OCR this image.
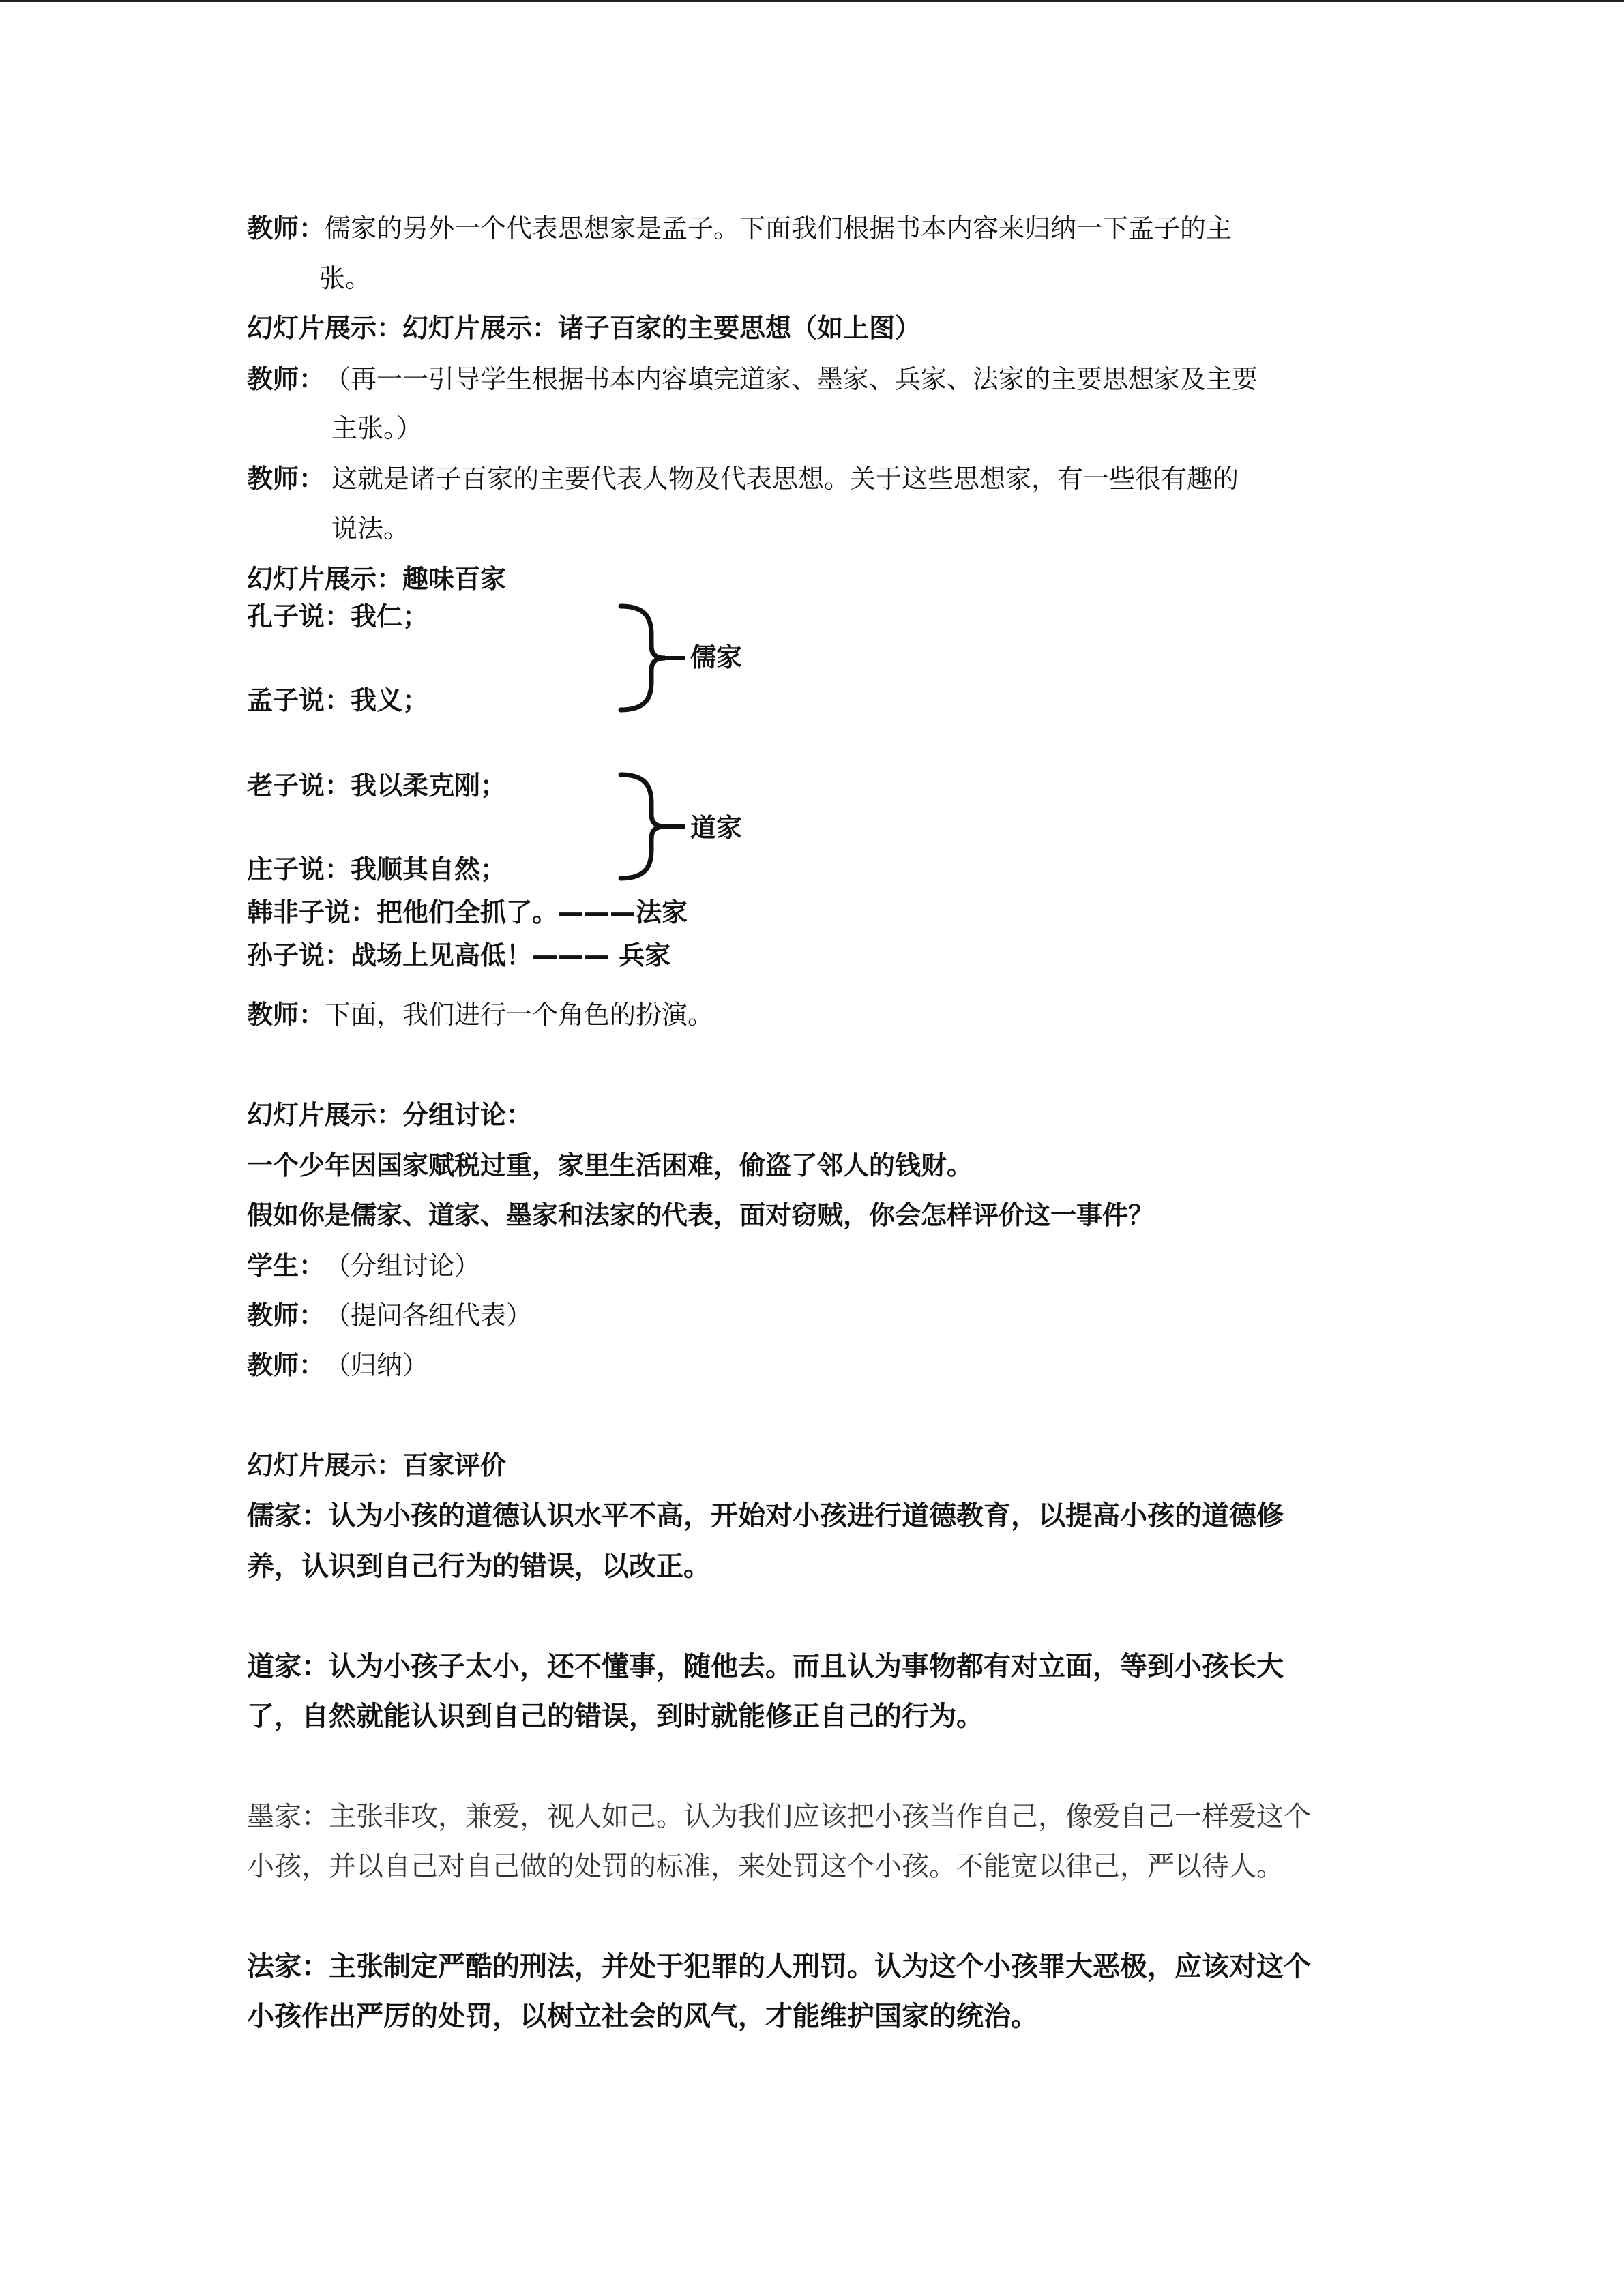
教师： 儒家的另外一个代表思想家是孟子。下面我们根据书本内容来归纳一下孟子的主
张。
幻灯片展示：幻灯片展示：诸子百家的主要思想（如上图）
教师： （再一一引导学生根据书本内容填完道家、墨家、兵家、法家的主要思想家及主要
主张。）
教师： 这就是诸子百家的主要代表人物及代表思想。关于这些思想家，有一些很有趣的
说法。
幻灯片展示：趣味百家
孔子说：我仁；
孟子说：我义；
儒家
老子说：我以柔克刚；
庄子说：我顺其自然；
道家
韩非子说：把他们全抓了。———法家
孙子说：战场上见高低！——— 兵家
教师： 下面，我们进行一个角色的扮演。
幻灯片展示：分组讨论：
一个少年因国家赋税过重，家里生活困难，偷盗了邻人的钱财。
假如你是儒家、道家、墨家和法家的代表，面对窃贼，你会怎样评价这一事件？
学生： （分组讨论）
教师： （提问各组代表）
教师： （归纳）
幻灯片展示：百家评价
儒家：认为小孩的道德认识水平不高，开始对小孩进行道德教育，以提高小孩的道德修
养，认识到自己行为的错误，以改正。
道家：认为小孩子太小，还不懂事，随他去。而且认为事物都有对立面，等到小孩长大
了，自然就能认识到自己的错误，到时就能修正自己的行为。
墨家：主张非攻，兼爱，视人如己。认为我们应该把小孩当作自己，像爱自己一样爱这个
小孩，并以自己对自己做的处罚的标准，来处罚这个小孩。不能宽以律己，严以待人。
法家：主张制定严酷的刑法，并处于犯罪的人刑罚。认为这个小孩罪大恶极，应该对这个
小孩作出严厉的处罚，以树立社会的风气，才能维护国家的统治。
